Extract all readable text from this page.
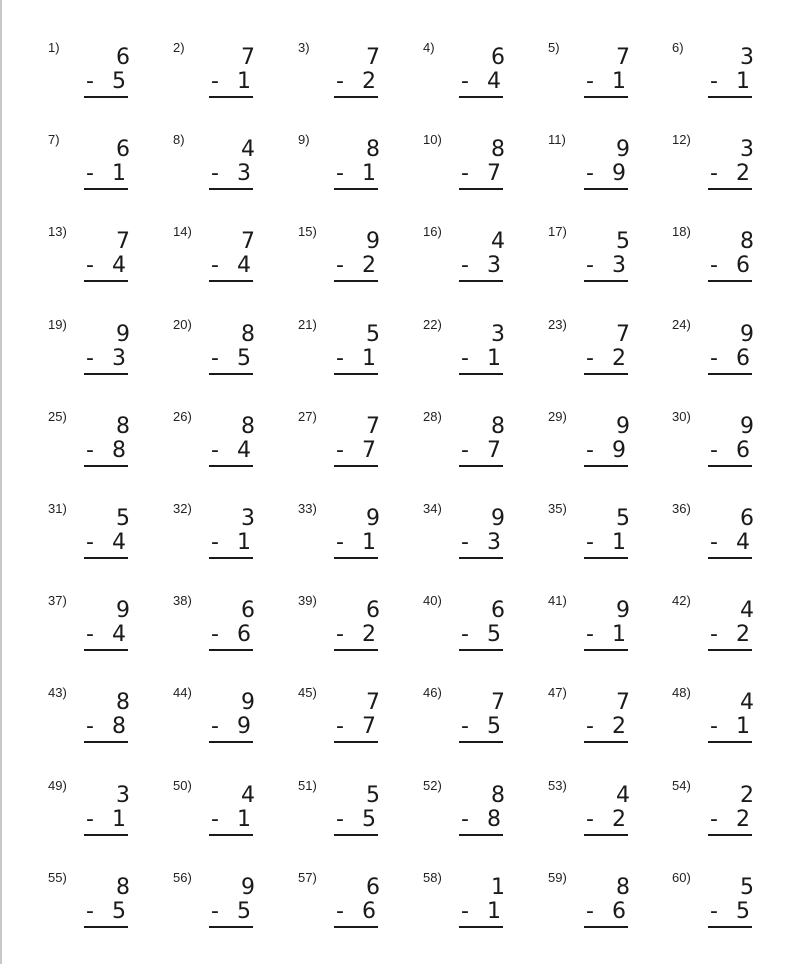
1)	6
- 5
2)	7
- 1
3)	7
- 2
4)	6
- 4
5)	7
- 1
6)	3
- 1
7)	6
- 1
8)	4
- 3
9)	8
- 1
10) 8
- 7
11) 9
- 9
12) 3
- 2
13) 7
- 4
14) 7
- 4
15) 9
- 2
16) 4
- 3
17) 5
- 3
18) 8
- 6
19) 9
- 3
20) 8
- 5
21) 5
- 1
22) 3
- 1
23) 7
- 2
24) 9
- 6
25) 8
- 8
26) 8
- 4
27) 7
- 7
28) 8
- 7
29) 9
- 9
30) 9
- 6
31) 5
- 4
32) 3
- 1
33) 9
- 1
34) 9
- 3
35) 5
- 1
36) 6
- 4
37) 9
- 4
38) 6
- 6
39) 6
- 2
40) 6
- 5
41) 9
- 1
42) 4
- 2
43) 8
- 8
44) 9
- 9
45) 7
- 7
46) 7
- 5
47) 7
- 2
48) 4
- 1
49) 3
- 1
50) 4
- 1
51) 5
- 5
52) 8
- 8
53) 4
- 2
54) 2
- 2
55) 8
- 5
56) 9
- 5
57) 6
- 6
58) 1
- 1
59) 8
- 6
60) 5
- 5
